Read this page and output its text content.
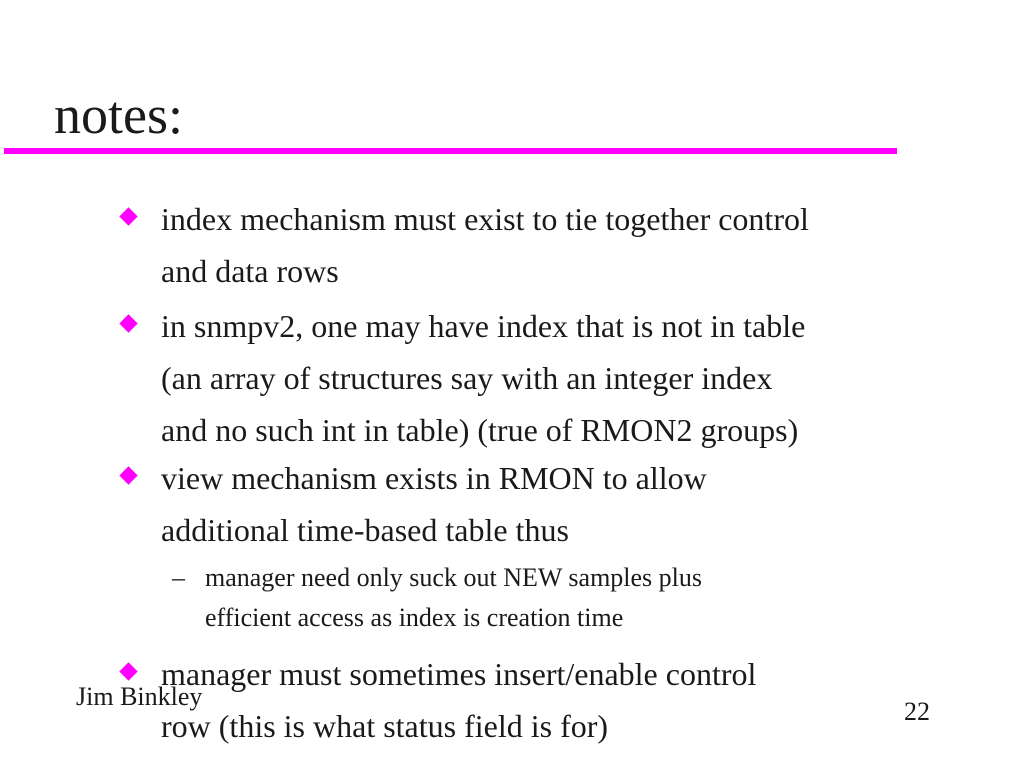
notes:
index mechanism must exist to tie together control
and data rows
in snmpv2, one may have index that is not in table
(an array of structures say with an integer index
and no such int in table) (true of RMON2 groups)
view mechanism exists in RMON to allow
additional time-based table thus
– manager need only suck out NEW samples plus
efficient access as index is creation time
manager must sometimes insert/enable control
row (this is what status field is for)
Jim Binkley
22
